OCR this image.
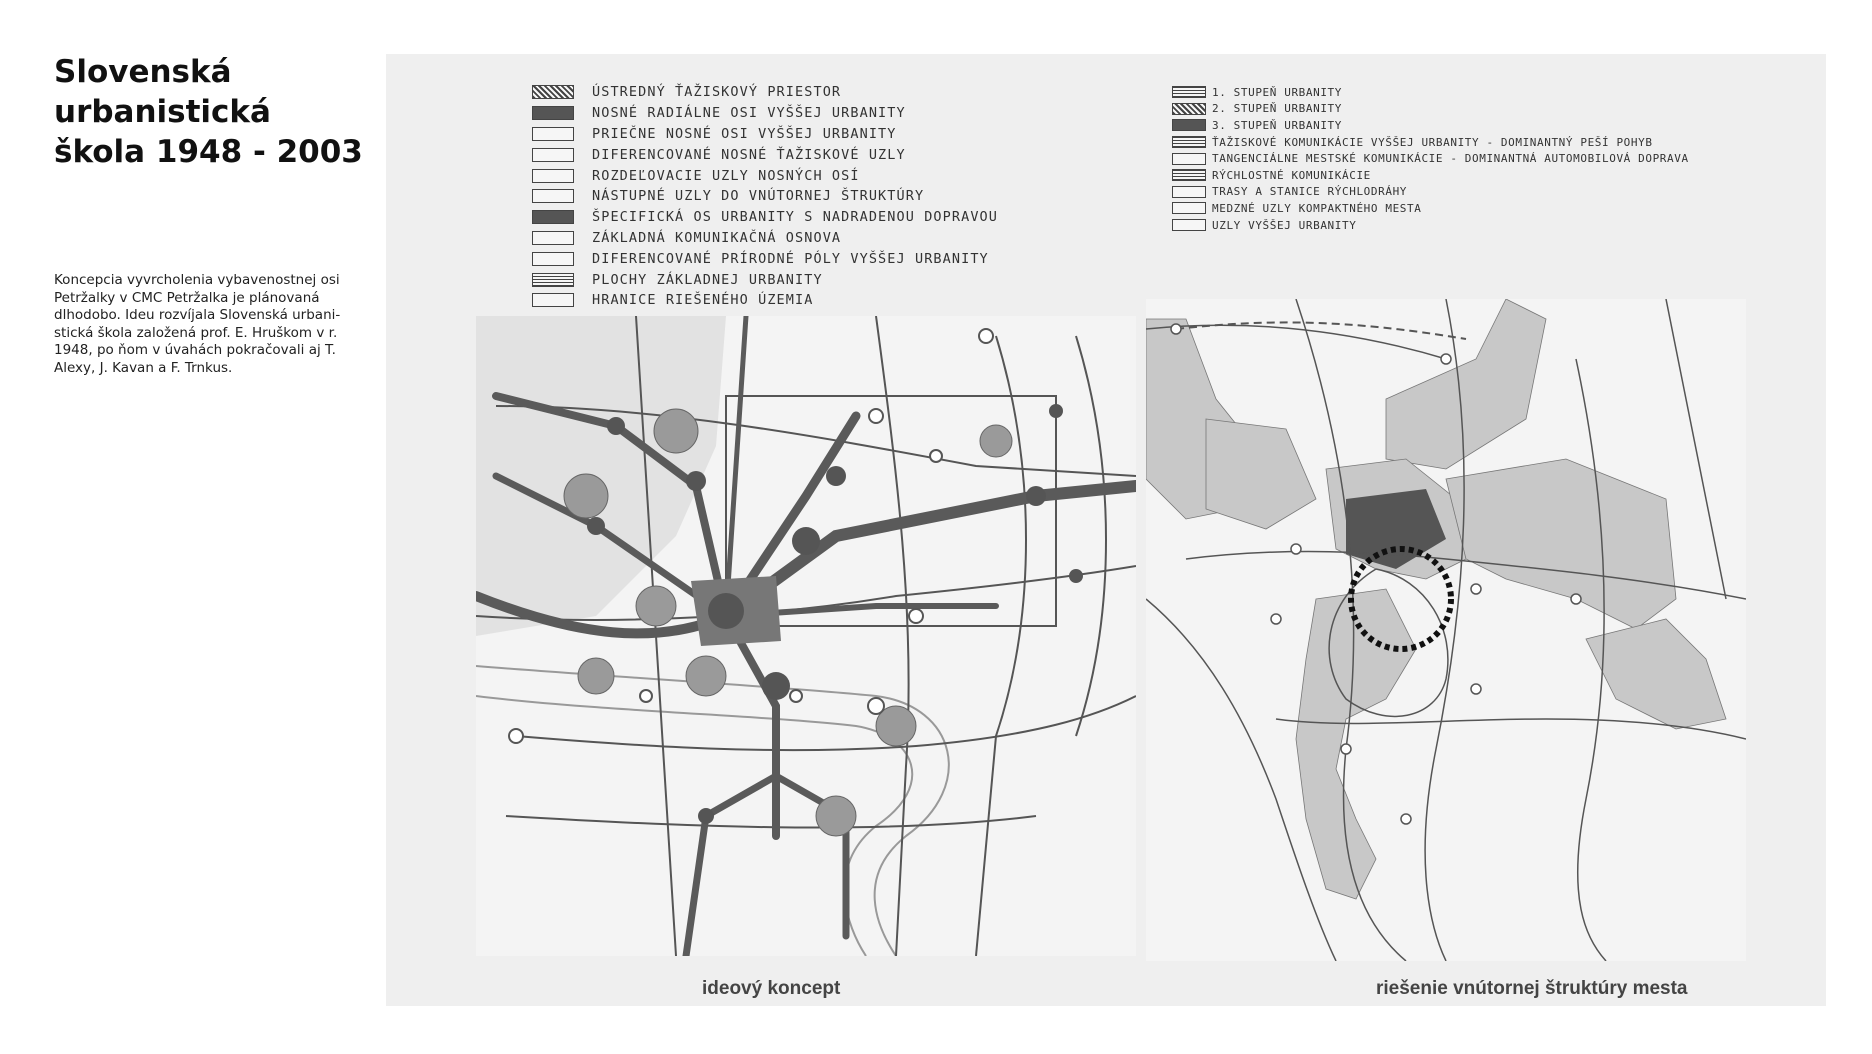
Slovenská
urbanistická
škola 1948 - 2003
Koncepcia vyvrcholenia vybavenostnej osi
Petržalky v CMC Petržalka je plánovaná
dlhodobo. Ideu rozvíjala Slovenská urbani-
stická škola založená prof. E. Hruškom v r.
1948, po ňom v úvahách pokračovali aj T.
Alexy, J. Kavan a F. Trnkus.
ÚSTREDNÝ ŤAŽISKOVÝ PRIESTOR
NOSNÉ RADIÁLNE OSI VYŠŠEJ URBANITY
PRIEČNE NOSNÉ OSI VYŠŠEJ URBANITY
DIFERENCOVANÉ NOSNÉ ŤAŽISKOVÉ UZLY
ROZDEĽOVACIE UZLY NOSNÝCH OSÍ
NÁSTUPNÉ UZLY DO VNÚTORNEJ ŠTRUKTÚRY
ŠPECIFICKÁ OS URBANITY S NADRADENOU DOPRAVOU
ZÁKLADNÁ KOMUNIKAČNÁ OSNOVA
DIFERENCOVANÉ PRÍRODNÉ PÓLY VYŠŠEJ URBANITY
PLOCHY ZÁKLADNEJ URBANITY
HRANICE RIEŠENÉHO ÚZEMIA
1. STUPEŇ URBANITY
2. STUPEŇ URBANITY
3. STUPEŇ URBANITY
ŤAŽISKOVÉ KOMUNIKÁCIE VYŠŠEJ URBANITY - DOMINANTNÝ PEŠÍ POHYB
TANGENCIÁLNE MESTSKÉ KOMUNIKÁCIE - DOMINANTNÁ AUTOMOBILOVÁ DOPRAVA
RÝCHLOSTNÉ KOMUNIKÁCIE
TRASY A STANICE RÝCHLODRÁHY
MEDZNÉ UZLY KOMPAKTNÉHO MESTA
UZLY VYŠŠEJ URBANITY
ideový koncept	riešenie vnútornej štruktúry mesta
